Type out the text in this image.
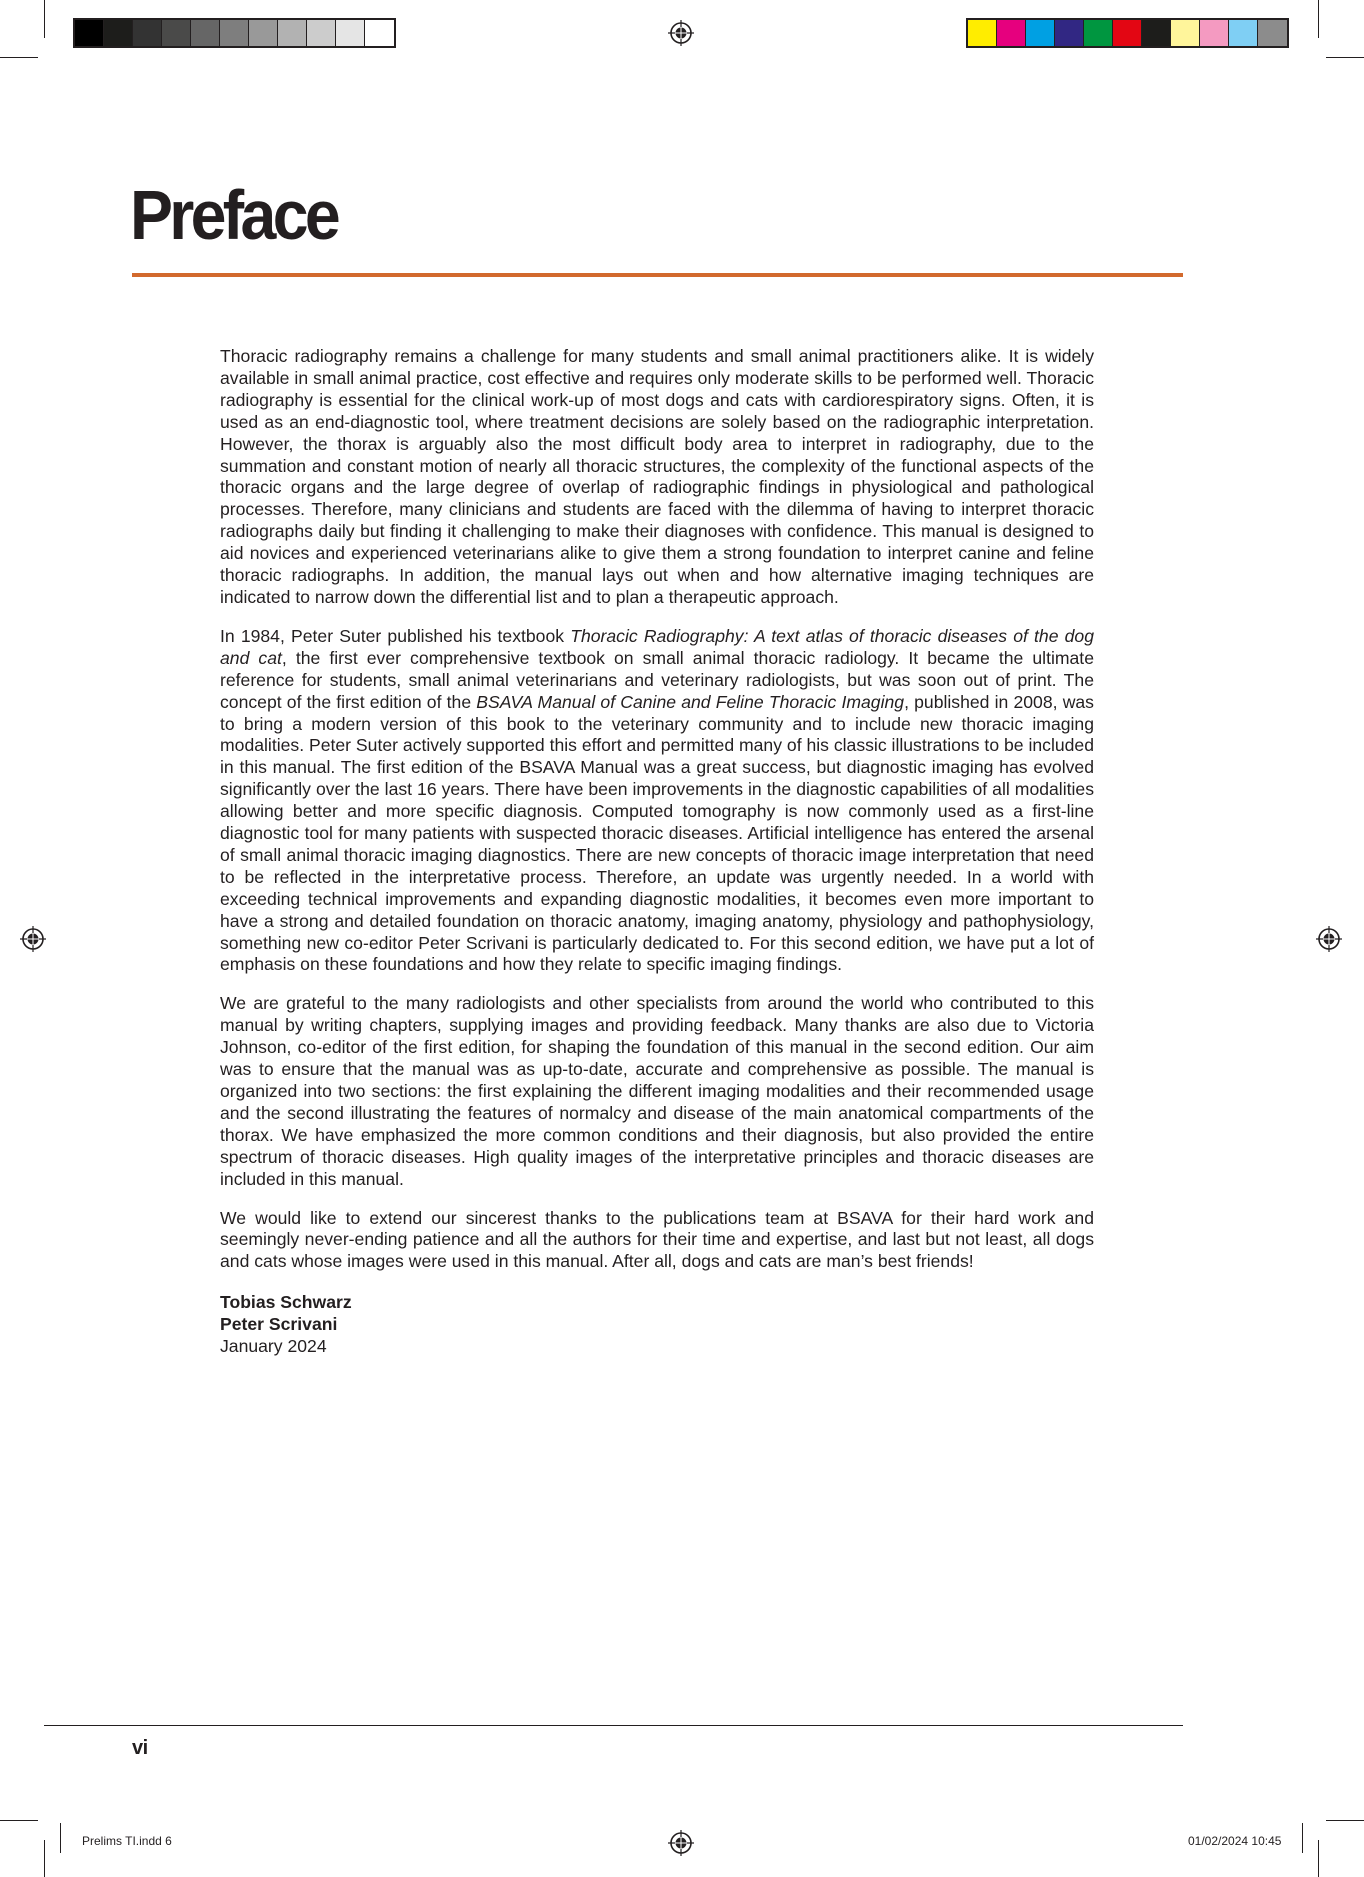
Preface

Thoracic radiography remains a challenge for many students and small animal practitioners alike. It is widely available in small animal practice, cost effective and requires only moderate skills to be performed well. Thoracic radiography is essential for the clinical work-up of most dogs and cats with cardiorespiratory signs. Often, it is used as an end-diagnostic tool, where treatment decisions are solely based on the radiographic interpretation. However, the thorax is arguably also the most difficult body area to interpret in radiography, due to the summation and constant motion of nearly all thoracic structures, the complexity of the functional aspects of the thoracic organs and the large degree of overlap of radiographic findings in physiological and pathological processes. Therefore, many clinicians and students are faced with the dilemma of having to interpret thoracic radiographs daily but finding it challenging to make their diagnoses with confidence. This manual is designed to aid novices and experienced veterinarians alike to give them a strong foundation to interpret canine and feline thoracic radiographs. In addition, the manual lays out when and how alternative imaging techniques are indicated to narrow down the differential list and to plan a therapeutic approach.

In 1984, Peter Suter published his textbook Thoracic Radiography: A text atlas of thoracic diseases of the dog and cat, the first ever comprehensive textbook on small animal thoracic radiology. It became the ultimate reference for students, small animal veterinarians and veterinary radiologists, but was soon out of print. The concept of the first edition of the BSAVA Manual of Canine and Feline Thoracic Imaging, published in 2008, was to bring a modern version of this book to the veterinary community and to include new thoracic imaging modalities. Peter Suter actively supported this effort and permitted many of his classic illustrations to be included in this manual. The first edition of the BSAVA Manual was a great success, but diagnostic imaging has evolved significantly over the last 16 years. There have been improvements in the diagnostic capabilities of all modalities allowing better and more specific diagnosis. Computed tomography is now commonly used as a first-line diagnostic tool for many patients with suspected thoracic diseases. Artificial intelligence has entered the arsenal of small animal thoracic imaging diagnostics. There are new concepts of thoracic image interpretation that need to be reflected in the interpretative process. Therefore, an update was urgently needed. In a world with exceeding technical improvements and expanding diagnostic modalities, it becomes even more important to have a strong and detailed foundation on thoracic anatomy, imaging anatomy, physiology and pathophysiology, something new co-editor Peter Scrivani is particularly dedicated to. For this second edition, we have put a lot of emphasis on these foundations and how they relate to specific imaging findings.

We are grateful to the many radiologists and other specialists from around the world who contributed to this manual by writing chapters, supplying images and providing feedback. Many thanks are also due to Victoria Johnson, co-editor of the first edition, for shaping the foundation of this manual in the second edition. Our aim was to ensure that the manual was as up-to-date, accurate and comprehensive as possible. The manual is organized into two sections: the first explaining the different imaging modalities and their recommended usage and the second illustrating the features of normalcy and disease of the main anatomical compartments of the thorax. We have emphasized the more common conditions and their diagnosis, but also provided the entire spectrum of thoracic diseases. High quality images of the interpretative principles and thoracic diseases are included in this manual.

We would like to extend our sincerest thanks to the publications team at BSAVA for their hard work and seemingly never-ending patience and all the authors for their time and expertise, and last but not least, all dogs and cats whose images were used in this manual. After all, dogs and cats are man’s best friends!

Tobias Schwarz
Peter Scrivani
January 2024
vi
Prelims TI.indd 6	01/02/2024 10:45
